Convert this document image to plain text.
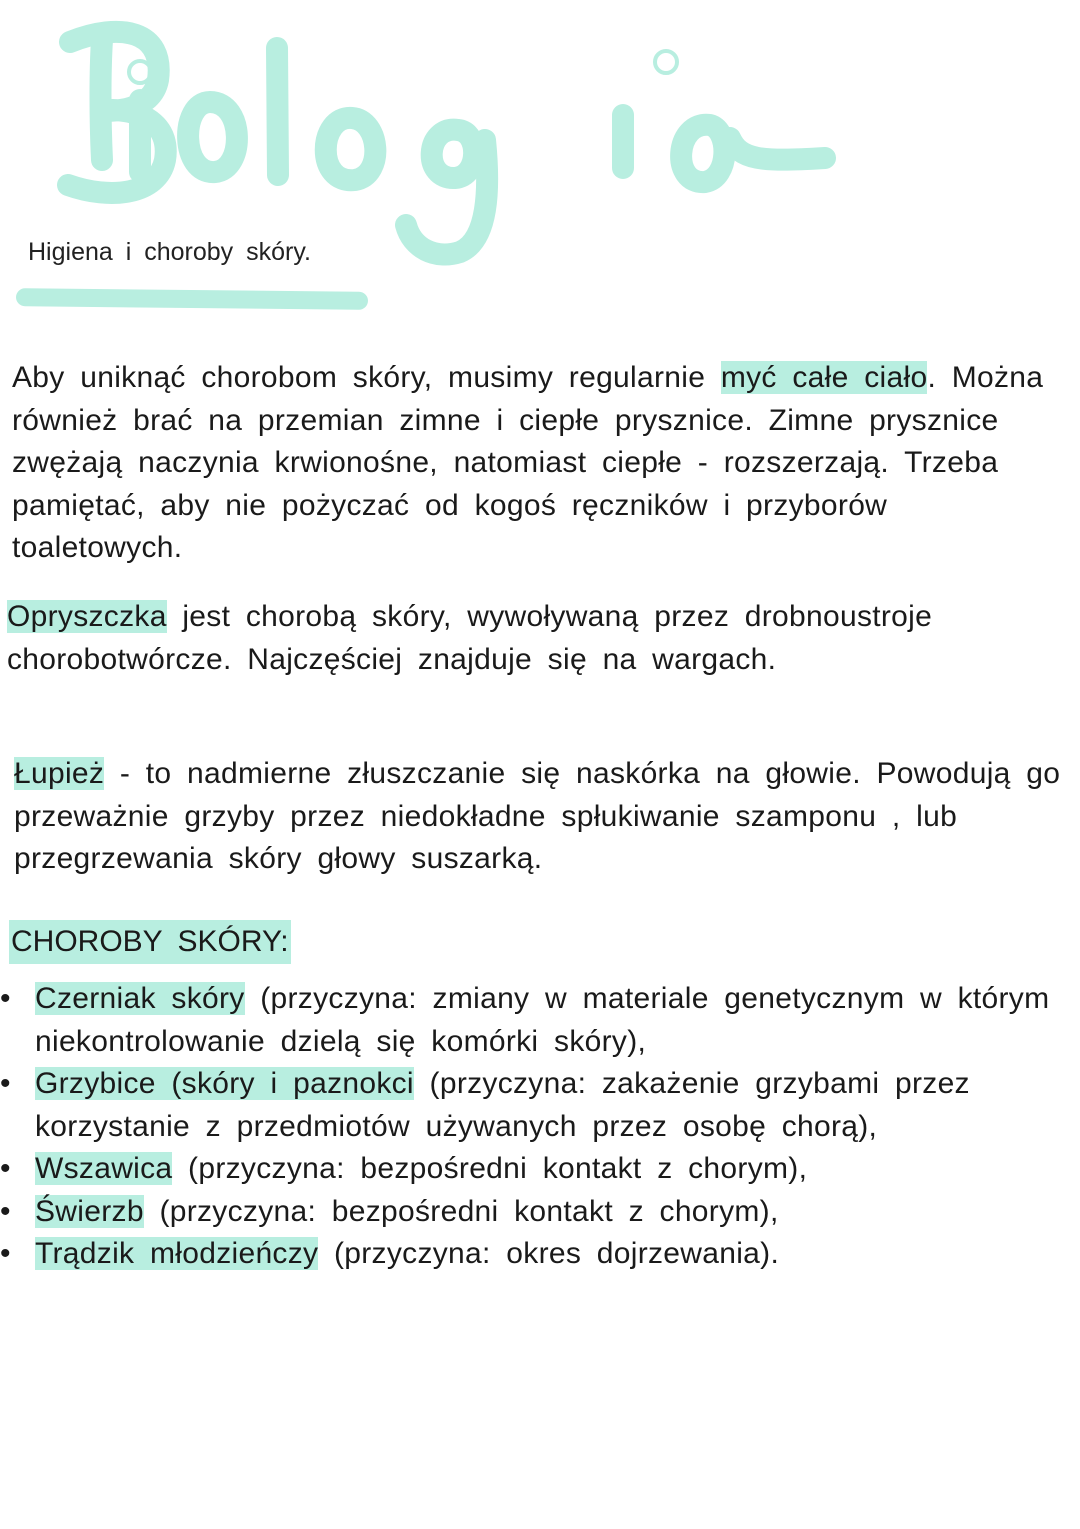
Higiena i choroby skóry.

Aby uniknąć chorobom skóry, musimy regularnie myć całe ciało. Można również brać na przemian zimne i ciepłe prysznice. Zimne prysznice zwężają naczynia krwionośne, natomiast ciepłe - rozszerzają. Trzeba pamiętać, aby nie pożyczać od kogoś ręczników i przyborów toaletowych.

Opryszczka jest chorobą skóry, wywoływaną przez drobnoustroje chorobotwórcze. Najczęściej znajduje się na wargach.

Łupież - to nadmierne złuszczanie się naskórka na głowie. Powodują go przeważnie grzyby przez niedokładne spłukiwanie szamponu , lub przegrzewania skóry głowy suszarką.

CHOROBY SKÓRY:
• Czerniak skóry (przyczyna: zmiany w materiale genetycznym w którym niekontrolowanie dzielą się komórki skóry),
• Grzybice (skóry i paznokci (przyczyna: zakażenie grzybami przez korzystanie z przedmiotów używanych przez osobę chorą),
• Wszawica (przyczyna: bezpośredni kontakt z chorym),
• Świerzb (przyczyna: bezpośredni kontakt z chorym),
• Trądzik młodzieńczy (przyczyna: okres dojrzewania).
